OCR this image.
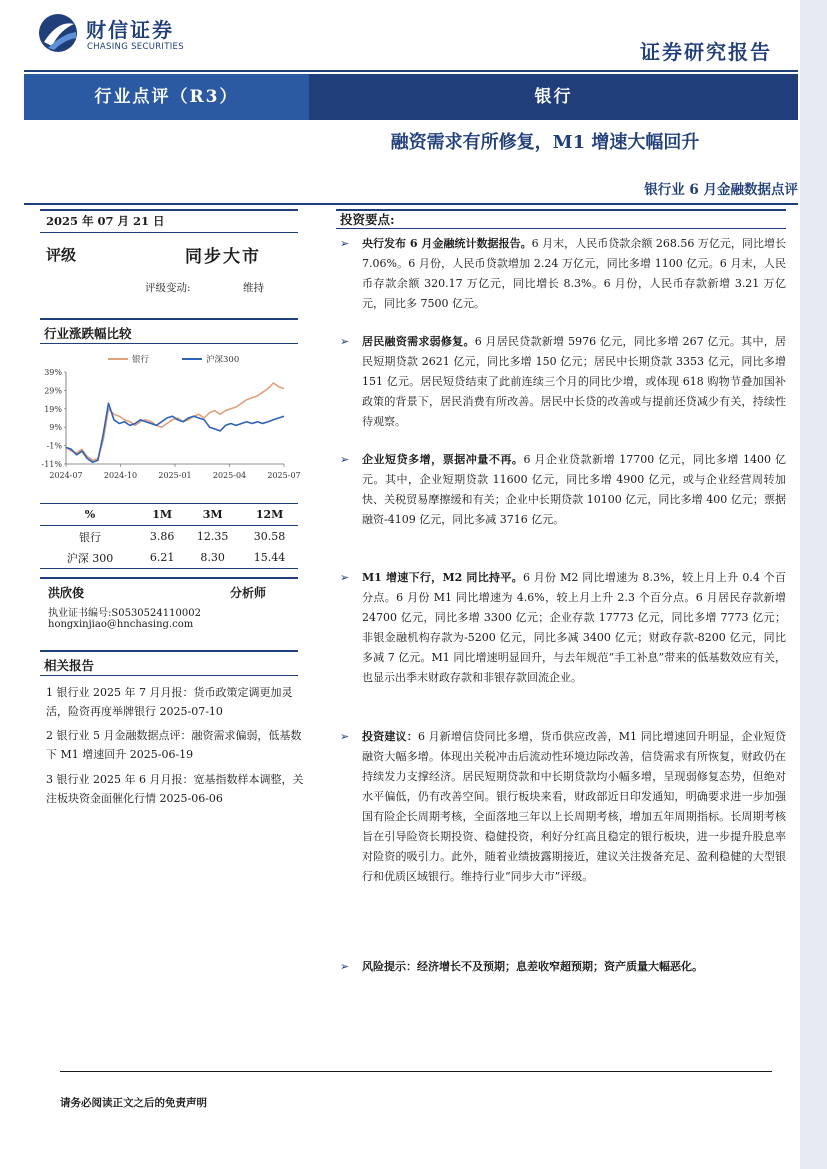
财信证券
CHASING SECURITIES	证券研究报告
行业点评（R3）	银行
融资需求有所修复，M1 增速大幅回升
银行业 6 月金融数据点评
2025 年 07 月 21 日
评级	同步大市
评级变动:	维持
行业涨跌幅比较
银行	沪深300
39%
29%
19%
9%
-1%
-11%
2024-07	2024-10	2025-01	2025-04	2025-07
%	1M	3M	12M
银行	3.86	12.35	30.58
沪深 300	6.21	8.30	15.44
洪欣俊	分析师
执业证书编号:S0530524110002
hongxinjiao@hnchasing.com
相关报告
1 银行业 2025 年 7 月月报：货币政策定调更加灵活，险资再度举牌银行 2025-07-10
2 银行业 5 月金融数据点评：融资需求偏弱，低基数下 M1 增速回升 2025-06-19
3 银行业 2025 年 6 月月报：宽基指数样本调整，关注板块资金面催化行情 2025-06-06
投资要点:
➢ 央行发布 6 月金融统计数据报告。6 月末，人民币贷款余额 268.56 万亿元，同比增长 7.06%。6 月份，人民币贷款增加 2.24 万亿元，同比多增 1100 亿元。6 月末，人民币存款余额 320.17 万亿元，同比增长 8.3%。6 月份，人民币存款新增 3.21 万亿元，同比多 7500 亿元。
➢ 居民融资需求弱修复。6 月居民贷款新增 5976 亿元，同比多增 267 亿元。其中，居民短期贷款 2621 亿元，同比多增 150 亿元；居民中长期贷款 3353 亿元，同比多增 151 亿元。居民短贷结束了此前连续三个月的同比少增，或体现 618 购物节叠加国补政策的背景下，居民消费有所改善。居民中长贷的改善或与提前还贷减少有关，持续性待观察。
➢ 企业短贷多增，票据冲量不再。6 月企业贷款新增 17700 亿元，同比多增 1400 亿元。其中，企业短期贷款 11600 亿元，同比多增 4900 亿元，或与企业经营周转加快、关税贸易摩擦缓和有关；企业中长期贷款 10100 亿元，同比多增 400 亿元；票据融资-4109 亿元，同比多减 3716 亿元。
➢ M1 增速下行，M2 同比持平。6 月份 M2 同比增速为 8.3%，较上月上升 0.4 个百分点。6 月份 M1 同比增速为 4.6%，较上月上升 2.3 个百分点。6 月居民存款新增 24700 亿元，同比多增 3300 亿元；企业存款 17773 亿元，同比多增 7773 亿元；非银金融机构存款为-5200 亿元，同比多减 3400 亿元；财政存款-8200 亿元，同比多减 7 亿元。M1 同比增速明显回升，与去年规范“手工补息”带来的低基数效应有关，也显示出季末财政存款和非银存款回流企业。
➢ 投资建议：6 月新增信贷同比多增，货币供应改善，M1 同比增速回升明显，企业短贷融资大幅多增。体现出关税冲击后流动性环境边际改善，信贷需求有所恢复，财政仍在持续发力支撑经济。居民短期贷款和中长期贷款均小幅多增，呈现弱修复态势，但绝对水平偏低，仍有改善空间。银行板块来看，财政部近日印发通知，明确要求进一步加强国有险企长周期考核，全面落地三年以上长周期考核，增加五年周期指标。长周期考核旨在引导险资长期投资、稳健投资，利好分红高且稳定的银行板块，进一步提升股息率对险资的吸引力。此外，随着业绩披露期接近，建议关注拨备充足、盈利稳健的大型银行和优质区域银行。维持行业“同步大市”评级。
➢ 风险提示：经济增长不及预期；息差收窄超预期；资产质量大幅恶化。
请务必阅读正文之后的免责声明
